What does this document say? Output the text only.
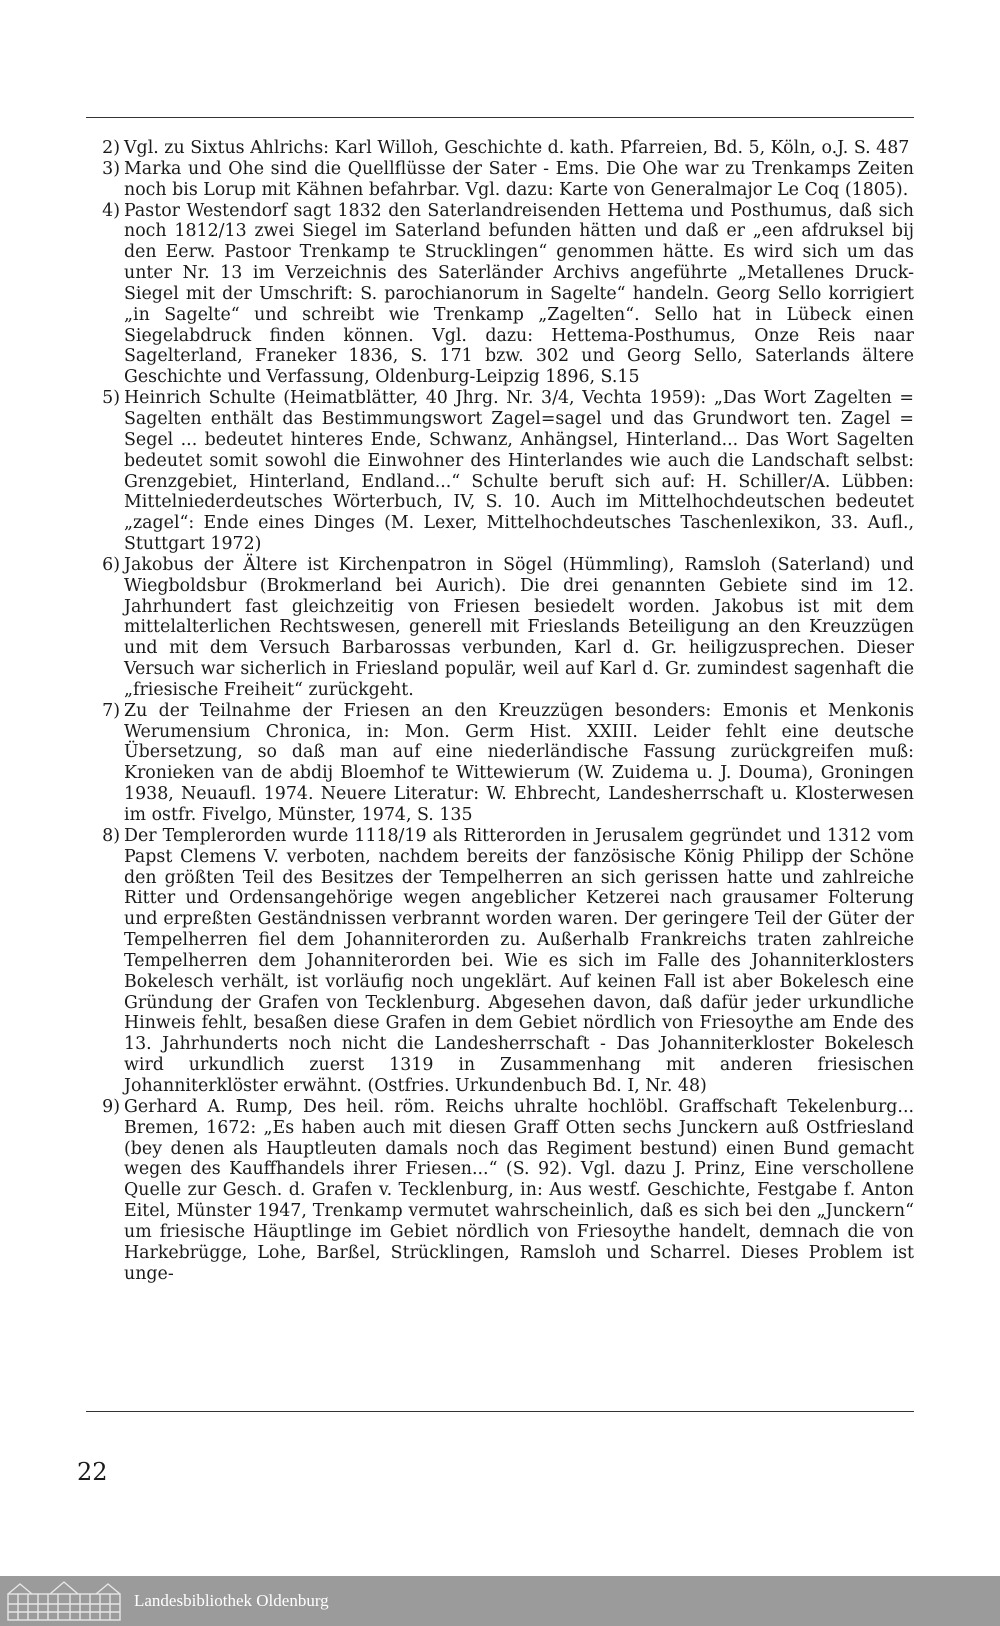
2) Vgl. zu Sixtus Ahlrichs: Karl Willoh, Geschichte d. kath. Pfarreien, Bd. 5, Köln, o.J. S. 487
3) Marka und Ohe sind die Quellflüsse der Sater - Ems. Die Ohe war zu Trenkamps Zeiten noch bis Lorup mit Kähnen befahrbar. Vgl. dazu: Karte von Generalmajor Le Coq (1805).
4) Pastor Westendorf sagt 1832 den Saterlandreisenden Hettema und Posthumus, daß sich noch 1812/13 zwei Siegel im Saterland befunden hätten und daß er „een afdruksel bij den Eerw. Pastoor Trenkamp te Strucklingen“ genommen hätte. Es wird sich um das unter Nr. 13 im Verzeichnis des Saterländer Archivs angeführte „Metallenes Druck-Siegel mit der Umschrift: S. parochianorum in Sagelte“ handeln. Georg Sello korrigiert „in Sagelte“ und schreibt wie Trenkamp „Zagelten“. Sello hat in Lübeck einen Siegelabdruck finden können. Vgl. dazu: Hettema-Posthumus, Onze Reis naar Sagelterland, Franeker 1836, S. 171 bzw. 302 und Georg Sello, Saterlands ältere Geschichte und Verfassung, Oldenburg-Leipzig 1896, S.15
5) Heinrich Schulte (Heimatblätter, 40 Jhrg. Nr. 3/4, Vechta 1959): „Das Wort Zagelten = Sagelten enthält das Bestimmungswort Zagel=sagel und das Grundwort ten. Zagel = Segel ... bedeutet hinteres Ende, Schwanz, Anhängsel, Hinterland... Das Wort Sagelten bedeutet somit sowohl die Einwohner des Hinterlandes wie auch die Landschaft selbst: Grenzgebiet, Hinterland, Endland...“ Schulte beruft sich auf: H. Schiller/A. Lübben: Mittelniederdeutsches Wörterbuch, IV, S. 10. Auch im Mittelhochdeutschen bedeutet „zagel“: Ende eines Dinges (M. Lexer, Mittelhochdeutsches Taschenlexikon, 33. Aufl., Stuttgart 1972)
6) Jakobus der Ältere ist Kirchenpatron in Sögel (Hümmling), Ramsloh (Saterland) und Wiegboldsbur (Brokmerland bei Aurich). Die drei genannten Gebiete sind im 12. Jahrhundert fast gleichzeitig von Friesen besiedelt worden. Jakobus ist mit dem mittelalterlichen Rechtswesen, generell mit Frieslands Beteiligung an den Kreuzzügen und mit dem Versuch Barbarossas verbunden, Karl d. Gr. heiligzusprechen. Dieser Versuch war sicherlich in Friesland populär, weil auf Karl d. Gr. zumindest sagenhaft die „friesische Freiheit“ zurückgeht.
7) Zu der Teilnahme der Friesen an den Kreuzzügen besonders: Emonis et Menkonis Werumensium Chronica, in: Mon. Germ Hist. XXIII. Leider fehlt eine deutsche Übersetzung, so daß man auf eine niederländische Fassung zurückgreifen muß: Kronieken van de abdij Bloemhof te Wittewierum (W. Zuidema u. J. Douma), Groningen 1938, Neuaufl. 1974. Neuere Literatur: W. Ehbrecht, Landesherrschaft u. Klosterwesen im ostfr. Fivelgo, Münster, 1974, S. 135
8) Der Templerorden wurde 1118/19 als Ritterorden in Jerusalem gegründet und 1312 vom Papst Clemens V. verboten, nachdem bereits der fanzösische König Philipp der Schöne den größten Teil des Besitzes der Tempelherren an sich gerissen hatte und zahlreiche Ritter und Ordensangehörige wegen angeblicher Ketzerei nach grausamer Folterung und erpreßten Geständnissen verbrannt worden waren. Der geringere Teil der Güter der Tempelherren fiel dem Johanniterorden zu. Außerhalb Frankreichs traten zahlreiche Tempelherren dem Johanniterorden bei. Wie es sich im Falle des Johanniterklosters Bokelesch verhält, ist vorläufig noch ungeklärt. Auf keinen Fall ist aber Bokelesch eine Gründung der Grafen von Tecklenburg. Abgesehen davon, daß dafür jeder urkundliche Hinweis fehlt, besaßen diese Grafen in dem Gebiet nördlich von Friesoythe am Ende des 13. Jahrhunderts noch nicht die Landesherrschaft - Das Johanniterkloster Bokelesch wird urkundlich zuerst 1319 in Zusammenhang mit anderen friesischen Johanniterklöster erwähnt. (Ostfries. Urkundenbuch Bd. I, Nr. 48)
9) Gerhard A. Rump, Des heil. röm. Reichs uhralte hochlöbl. Graffschaft Tekelenburg... Bremen, 1672: „Es haben auch mit diesen Graff Otten sechs Junckern auß Ostfriesland (bey denen als Hauptleuten damals noch das Regiment bestund) einen Bund gemacht wegen des Kauffhandels ihrer Friesen...“ (S. 92). Vgl. dazu J. Prinz, Eine verschollene Quelle zur Gesch. d. Grafen v. Tecklenburg, in: Aus westf. Geschichte, Festgabe f. Anton Eitel, Münster 1947, Trenkamp vermutet wahrscheinlich, daß es sich bei den „Junckern“ um friesische Häuptlinge im Gebiet nördlich von Friesoythe handelt, demnach die von Harkebrügge, Lohe, Barßel, Strücklingen, Ramsloh und Scharrel. Dieses Problem ist unge-
22
Landesbibliothek Oldenburg
